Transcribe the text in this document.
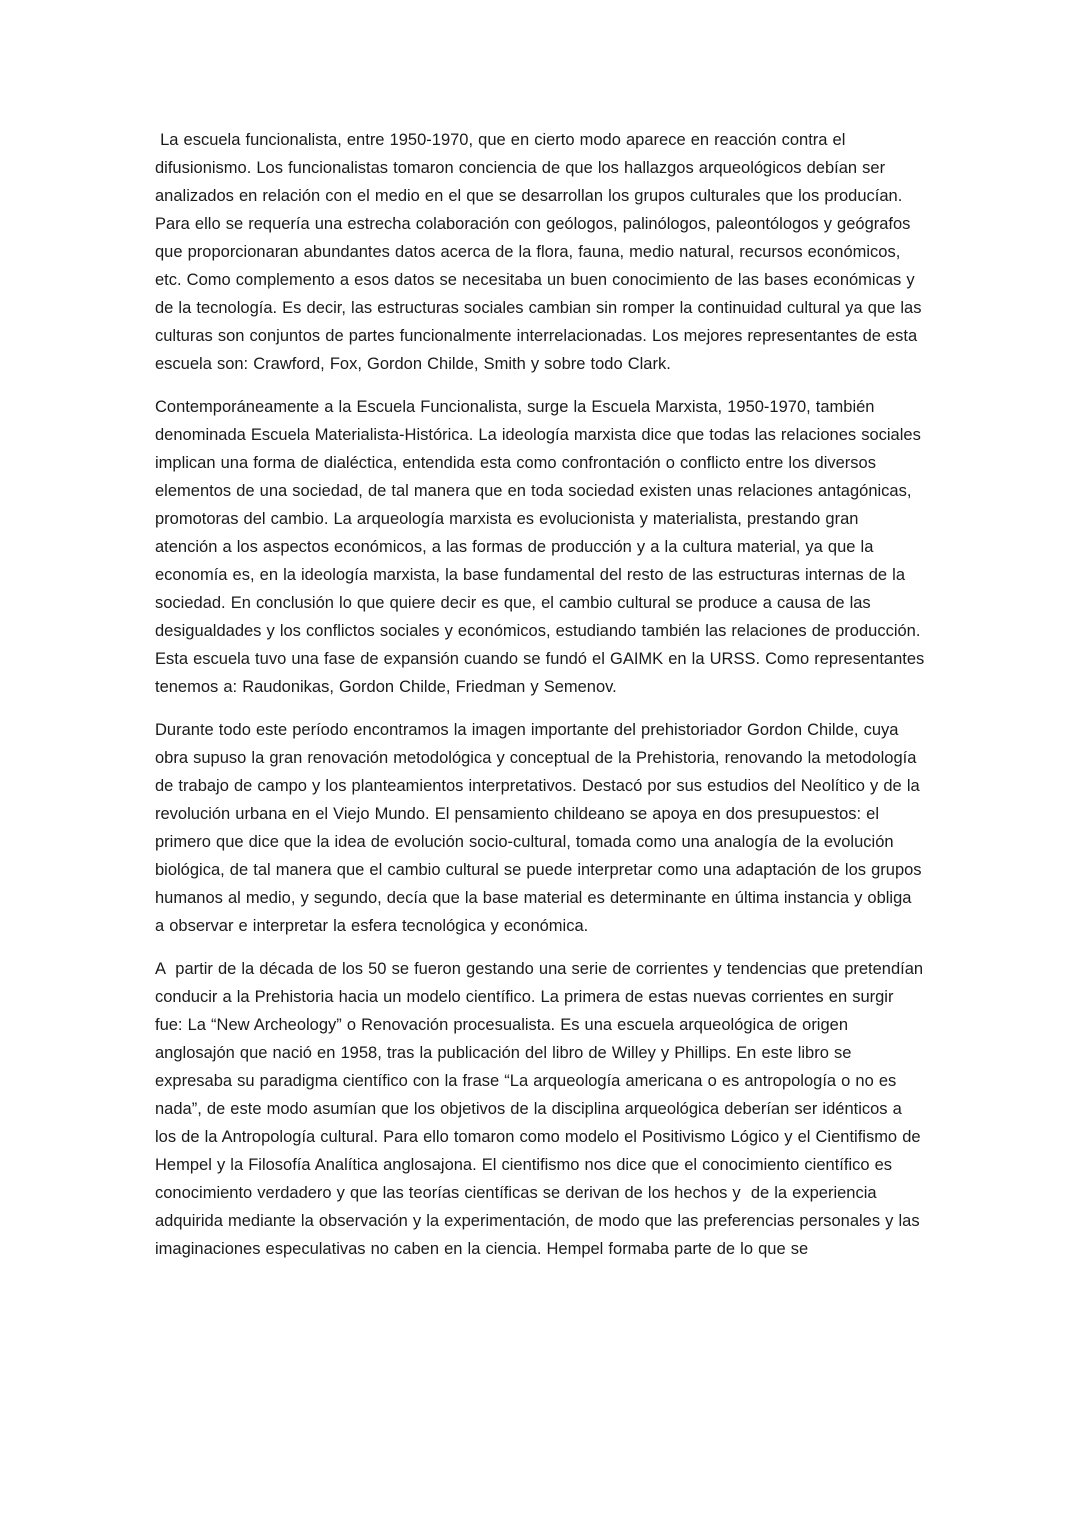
La escuela funcionalista, entre 1950-1970, que en cierto modo aparece en reacción contra el difusionismo. Los funcionalistas tomaron conciencia de que los hallazgos arqueológicos debían ser analizados en relación con el medio en el que se desarrollan los grupos culturales que los producían. Para ello se requería una estrecha colaboración con geólogos, palinólogos, paleontólogos y geógrafos que proporcionaran abundantes datos acerca de la flora, fauna, medio natural, recursos económicos, etc. Como complemento a esos datos se necesitaba un buen conocimiento de las bases económicas y de la tecnología. Es decir, las estructuras sociales cambian sin romper la continuidad cultural ya que las culturas son conjuntos de partes funcionalmente interrelacionadas. Los mejores representantes de esta escuela son: Crawford, Fox, Gordon Childe, Smith y sobre todo Clark.

Contemporáneamente a la Escuela Funcionalista, surge la Escuela Marxista, 1950-1970, también denominada Escuela Materialista-Histórica. La ideología marxista dice que todas las relaciones sociales implican una forma de dialéctica, entendida esta como confrontación o conflicto entre los diversos elementos de una sociedad, de tal manera que en toda sociedad existen unas relaciones antagónicas, promotoras del cambio. La arqueología marxista es evolucionista y materialista, prestando gran atención a los aspectos económicos, a las formas de producción y a la cultura material, ya que la economía es, en la ideología marxista, la base fundamental del resto de las estructuras internas de la sociedad. En conclusión lo que quiere decir es que, el cambio cultural se produce a causa de las desigualdades y los conflictos sociales y económicos, estudiando también las relaciones de producción. Esta escuela tuvo una fase de expansión cuando se fundó el GAIMK en la URSS. Como representantes tenemos a: Raudonikas, Gordon Childe, Friedman y Semenov.

Durante todo este período encontramos la imagen importante del prehistoriador Gordon Childe, cuya obra supuso la gran renovación metodológica y conceptual de la Prehistoria, renovando la metodología de trabajo de campo y los planteamientos interpretativos. Destacó por sus estudios del Neolítico y de la revolución urbana en el Viejo Mundo. El pensamiento childeano se apoya en dos presupuestos: el primero que dice que la idea de evolución socio-cultural, tomada como una analogía de la evolución biológica, de tal manera que el cambio cultural se puede interpretar como una adaptación de los grupos humanos al medio, y segundo, decía que la base material es determinante en última instancia y obliga a observar e interpretar la esfera tecnológica y económica.

A  partir de la década de los 50 se fueron gestando una serie de corrientes y tendencias que pretendían conducir a la Prehistoria hacia un modelo científico. La primera de estas nuevas corrientes en surgir fue: La “New Archeology” o Renovación procesualista. Es una escuela arqueológica de origen anglosajón que nació en 1958, tras la publicación del libro de Willey y Phillips. En este libro se expresaba su paradigma científico con la frase “La arqueología americana o es antropología o no es nada”, de este modo asumían que los objetivos de la disciplina arqueológica deberían ser idénticos a los de la Antropología cultural. Para ello tomaron como modelo el Positivismo Lógico y el Cientifismo de Hempel y la Filosofía Analítica anglosajona. El cientifismo nos dice que el conocimiento científico es conocimiento verdadero y que las teorías científicas se derivan de los hechos y  de la experiencia adquirida mediante la observación y la experimentación, de modo que las preferencias personales y las imaginaciones especulativas no caben en la ciencia. Hempel formaba parte de lo que se
